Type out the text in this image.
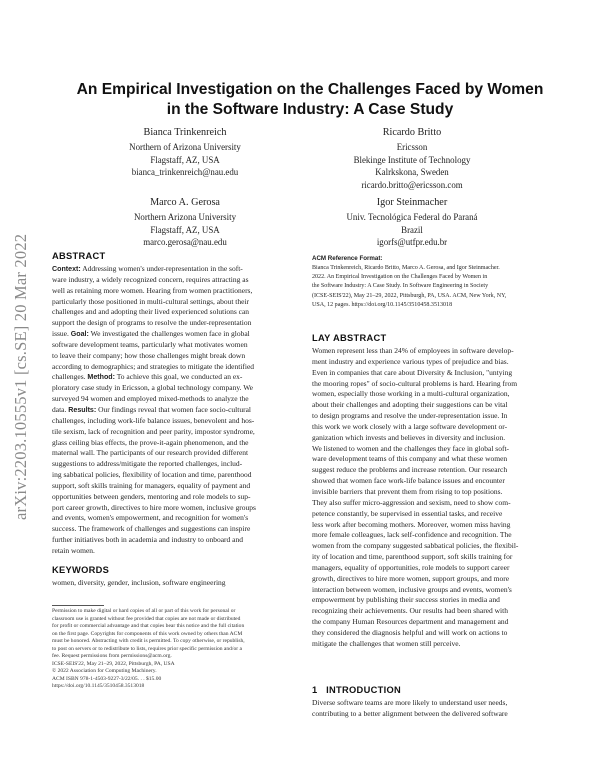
arXiv:2203.10555v1 [cs.SE] 20 Mar 2022
An Empirical Investigation on the Challenges Faced by Women
in the Software Industry: A Case Study
Bianca Trinkenreich
Northern of Arizona University
Flagstaff, AZ, USA
bianca_trinkenreich@nau.edu
Ricardo Britto
Ericsson
Blekinge Institute of Technology
Kalrkskona, Sweden
ricardo.britto@ericsson.com
Marco A. Gerosa
Northern Arizona University
Flagstaff, AZ, USA
marco.gerosa@nau.edu
Igor Steinmacher
Univ. Tecnológica Federal do Paraná
Brazil
igorfs@utfpr.edu.br
ABSTRACT
Context: Addressing women's under-representation in the soft-
ware industry, a widely recognized concern, requires attracting as
well as retaining more women. Hearing from women practitioners,
particularly those positioned in multi-cultural settings, about their
challenges and and adopting their lived experienced solutions can
support the design of programs to resolve the under-representation
issue. Goal: We investigated the challenges women face in global
software development teams, particularly what motivates women
to leave their company; how those challenges might break down
according to demographics; and strategies to mitigate the identified
challenges. Method: To achieve this goal, we conducted an ex-
ploratory case study in Ericsson, a global technology company. We
surveyed 94 women and employed mixed-methods to analyze the
data. Results: Our findings reveal that women face socio-cultural
challenges, including work-life balance issues, benevolent and hos-
tile sexism, lack of recognition and peer parity, impostor syndrome,
glass ceiling bias effects, the prove-it-again phenomenon, and the
maternal wall. The participants of our research provided different
suggestions to address/mitigate the reported challenges, includ-
ing sabbatical policies, flexibility of location and time, parenthood
support, soft skills training for managers, equality of payment and
opportunities between genders, mentoring and role models to sup-
port career growth, directives to hire more women, inclusive groups
and events, women's empowerment, and recognition for women's
success. The framework of challenges and suggestions can inspire
further initiatives both in academia and industry to onboard and
retain women.
KEYWORDS
women, diversity, gender, inclusion, software engineering
Permission to make digital or hard copies of all or part of this work for personal or
classroom use is granted without fee provided that copies are not made or distributed
for profit or commercial advantage and that copies bear this notice and the full citation
on the first page. Copyrights for components of this work owned by others than ACM
must be honored. Abstracting with credit is permitted. To copy otherwise, or republish,
to post on servers or to redistribute to lists, requires prior specific permission and/or a
fee. Request permissions from permissions@acm.org.
ICSE-SEIS'22, May 21–29, 2022, Pittsburgh, PA, USA
© 2022 Association for Computing Machinery.
ACM ISBN 978-1-4503-9227-3/22/05. . . $15.00
https://doi.org/10.1145/3510458.3513018
ACM Reference Format:
Bianca Trinkenreich, Ricardo Britto, Marco A. Gerosa, and Igor Steinmacher.
2022. An Empirical Investigation on the Challenges Faced by Women in
the Software Industry: A Case Study. In Software Engineering in Society
(ICSE-SEIS'22), May 21–29, 2022, Pittsburgh, PA, USA. ACM, New York, NY,
USA, 12 pages. https://doi.org/10.1145/3510458.3513018
LAY ABSTRACT
Women represent less than 24% of employees in software develop-
ment industry and experience various types of prejudice and bias.
Even in companies that care about Diversity & Inclusion, "untying
the mooring ropes" of socio-cultural problems is hard. Hearing from
women, especially those working in a multi-cultural organization,
about their challenges and adopting their suggestions can be vital
to design programs and resolve the under-representation issue. In
this work we work closely with a large software development or-
ganization which invests and believes in diversity and inclusion.
We listened to women and the challenges they face in global soft-
ware development teams of this company and what these women
suggest reduce the problems and increase retention. Our research
showed that women face work-life balance issues and encounter
invisible barriers that prevent them from rising to top positions.
They also suffer micro-aggression and sexism, need to show com-
petence constantly, be supervised in essential tasks, and receive
less work after becoming mothers. Moreover, women miss having
more female colleagues, lack self-confidence and recognition. The
women from the company suggested sabbatical policies, the flexibil-
ity of location and time, parenthood support, soft skills training for
managers, equality of opportunities, role models to support career
growth, directives to hire more women, support groups, and more
interaction between women, inclusive groups and events, women's
empowerment by publishing their success stories in media and
recognizing their achievements. Our results had been shared with
the company Human Resources department and management and
they considered the diagnosis helpful and will work on actions to
mitigate the challenges that women still perceive.
1 INTRODUCTION
Diverse software teams are more likely to understand user needs,
contributing to a better alignment between the delivered software
